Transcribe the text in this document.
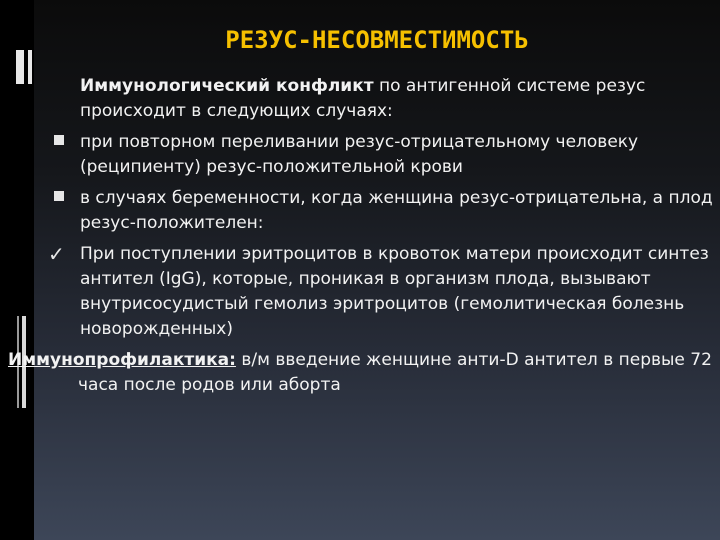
РЕЗУС-НЕСОВМЕСТИМОСТЬ

Иммунологический конфликт по антигенной системе резус происходит в следующих случаях:

при повторном переливании резус-отрицательному человеку (реципиенту) резус-положительной крови

в случаях беременности, когда женщина резус-отрицательна, а плод резус-положителен:

✓ При поступлении эритроцитов в кровоток матери происходит синтез антител (IgG), которые, проникая в организм плода, вызывают внутрисосудистый гемолиз эритроцитов (гемолитическая болезнь новорожденных)

Иммунопрофилактика: в/м введение женщине анти-D антител в первые 72 часа после родов или аборта
